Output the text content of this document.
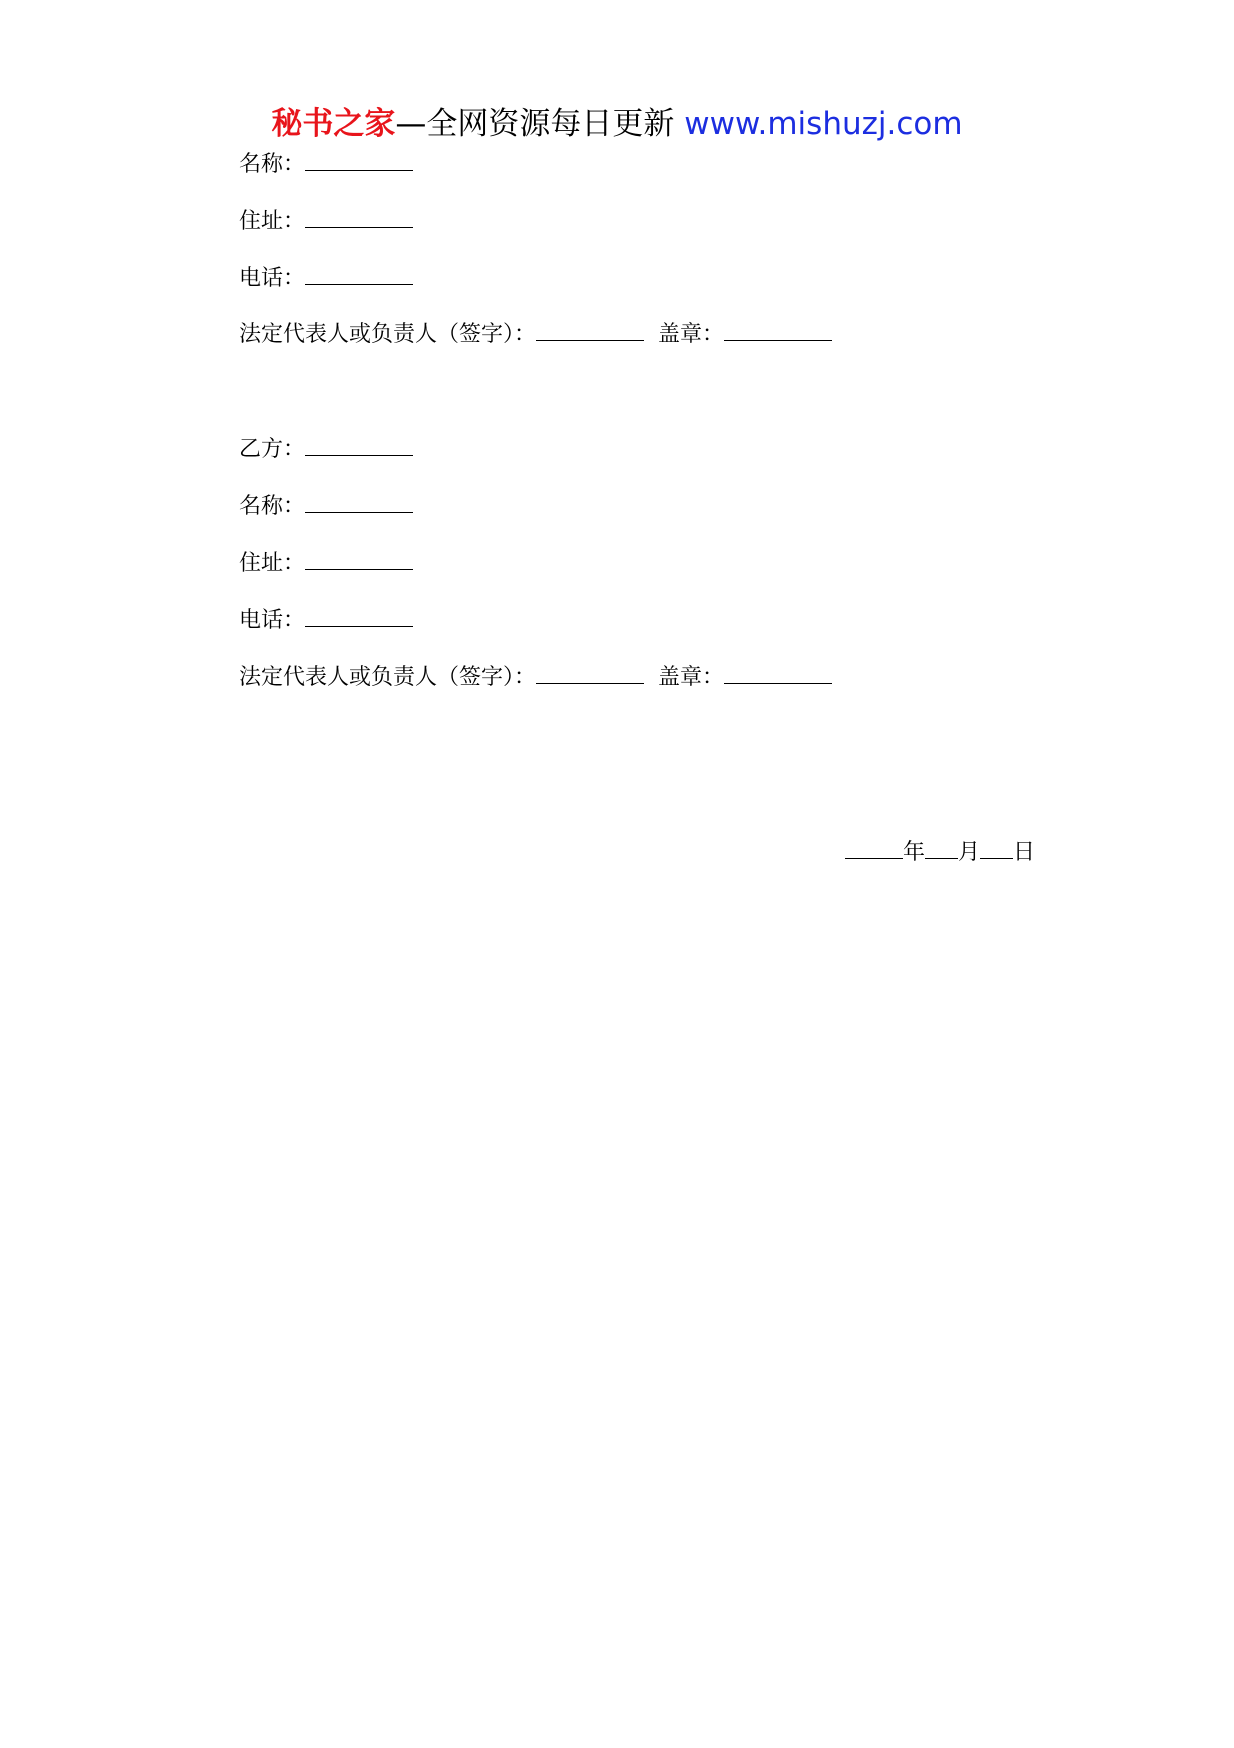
秘书之家—全网资源每日更新 www.mishuzj.com
名称：
住址：
电话：
法定代表人或负责人（签字）：	盖章：
乙方：
名称：
住址：
电话：
法定代表人或负责人（签字）：	盖章：
年 月 日
